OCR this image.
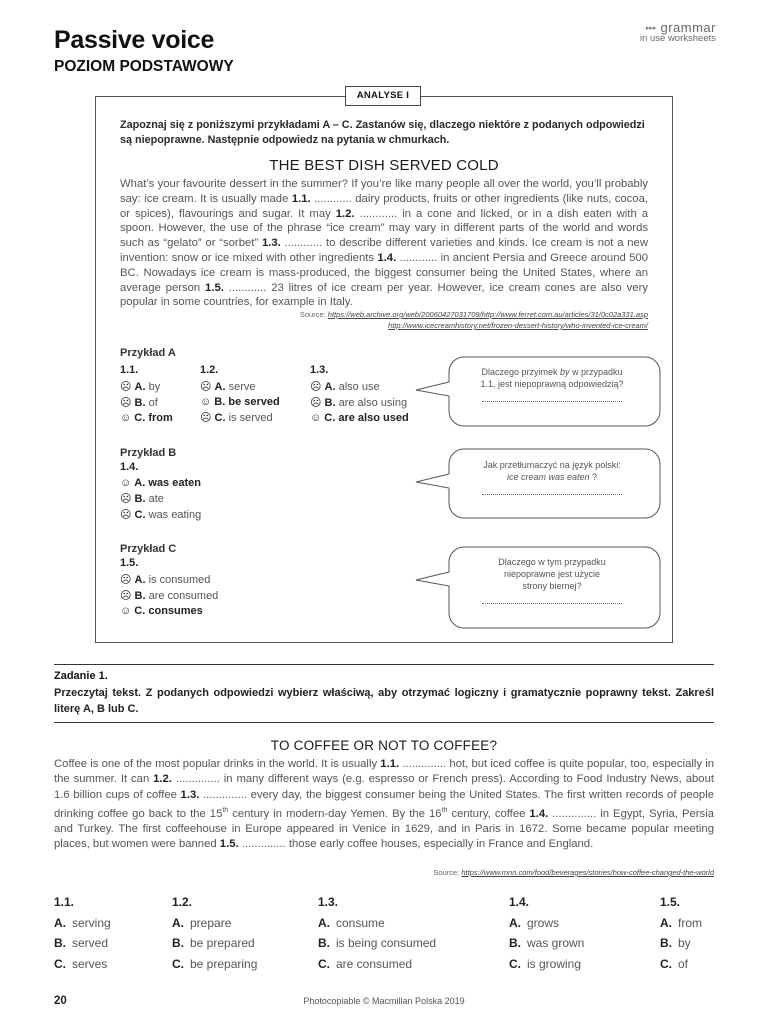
Passive voice
POZIOM PODSTAWOWY
▸▸▸ grammar
in use worksheets
ANALYSE I
Zapoznaj się z poniższymi przykładami A – C. Zastanów się, dlaczego niektóre z podanych odpowiedzi są niepoprawne. Następnie odpowiedz na pytania w chmurkach.
THE BEST DISH SERVED COLD
What’s your favourite dessert in the summer? If you’re like many people all over the world, you’ll probably say: ice cream. It is usually made 1.1. ............ dairy products, fruits or other ingredients (like nuts, cocoa, or spices), flavourings and sugar. It may 1.2. ............ in a cone and licked, or in a dish eaten with a spoon. However, the use of the phrase “ice cream” may vary in different parts of the world and words such as “gelato” or “sorbet” 1.3. ............ to describe different varieties and kinds. Ice cream is not a new invention: snow or ice mixed with other ingredients 1.4. ............ in ancient Persia and Greece around 500 BC. Nowadays ice cream is mass-produced, the biggest consumer being the United States, where an average person 1.5. ............ 23 litres of ice cream per year. However, ice cream cones are also very popular in some countries, for example in Italy.
Source: https://web.archive.org/web/20060427031709/http://www.ferret.com.au/articles/31/0c02a331.asp
http://www.icecreamhistory.net/frozen-dessert-history/who-invented-ice-cream/
Przykład A
1.1.
☹ A. by
☹ B. of
☺ C. from
1.2.
☹ A. serve
☺ B. be served
☹ C. is served
1.3.
☹ A. also use
☹ B. are also using
☺ C. are also used
Dlaczego przyimek by w przypadku
1.1. jest niepoprawną odpowiedzią?
Przykład B
1.4.
☺ A. was eaten
☹ B. ate
☹ C. was eating
Jak przetłumaczyć na język polski:
ice cream was eaten ?
Przykład C
1.5.
☹ A. is consumed
☹ B. are consumed
☺ C. consumes
Dlaczego w tym przypadku
niepoprawne jest użycie
strony biernej?
Zadanie 1.
Przeczytaj tekst. Z podanych odpowiedzi wybierz właściwą, aby otrzymać logiczny i gramatycznie poprawny tekst. Zakreśl literę A, B lub C.
TO COFFEE OR NOT TO COFFEE?
Coffee is one of the most popular drinks in the world. It is usually 1.1. .............. hot, but iced coffee is quite popular, too, especially in the summer. It can 1.2. .............. in many different ways (e.g. espresso or French press). According to Food Industry News, about 1.6 billion cups of coffee 1.3. .............. every day, the biggest consumer being the United States. The first written records of people drinking coffee go back to the 15th century in modern-day Yemen. By the 16th century, coffee 1.4. .............. in Egypt, Syria, Persia and Turkey. The first coffeehouse in Europe appeared in Venice in 1629, and in Paris in 1672. Some became popular meeting places, but women were banned 1.5. .............. those early coffee houses, especially in France and England.
Source: https://www.mnn.com/food/beverages/stories/how-coffee-changed-the-world
1.1.
A. serving
B. served
C. serves
1.2.
A. prepare
B. be prepared
C. be preparing
1.3.
A. consume
B. is being consumed
C. are consumed
1.4.
A. grows
B. was grown
C. is growing
1.5.
A. from
B. by
C. of
20	Photocopiable © Macmillan Polska 2019
